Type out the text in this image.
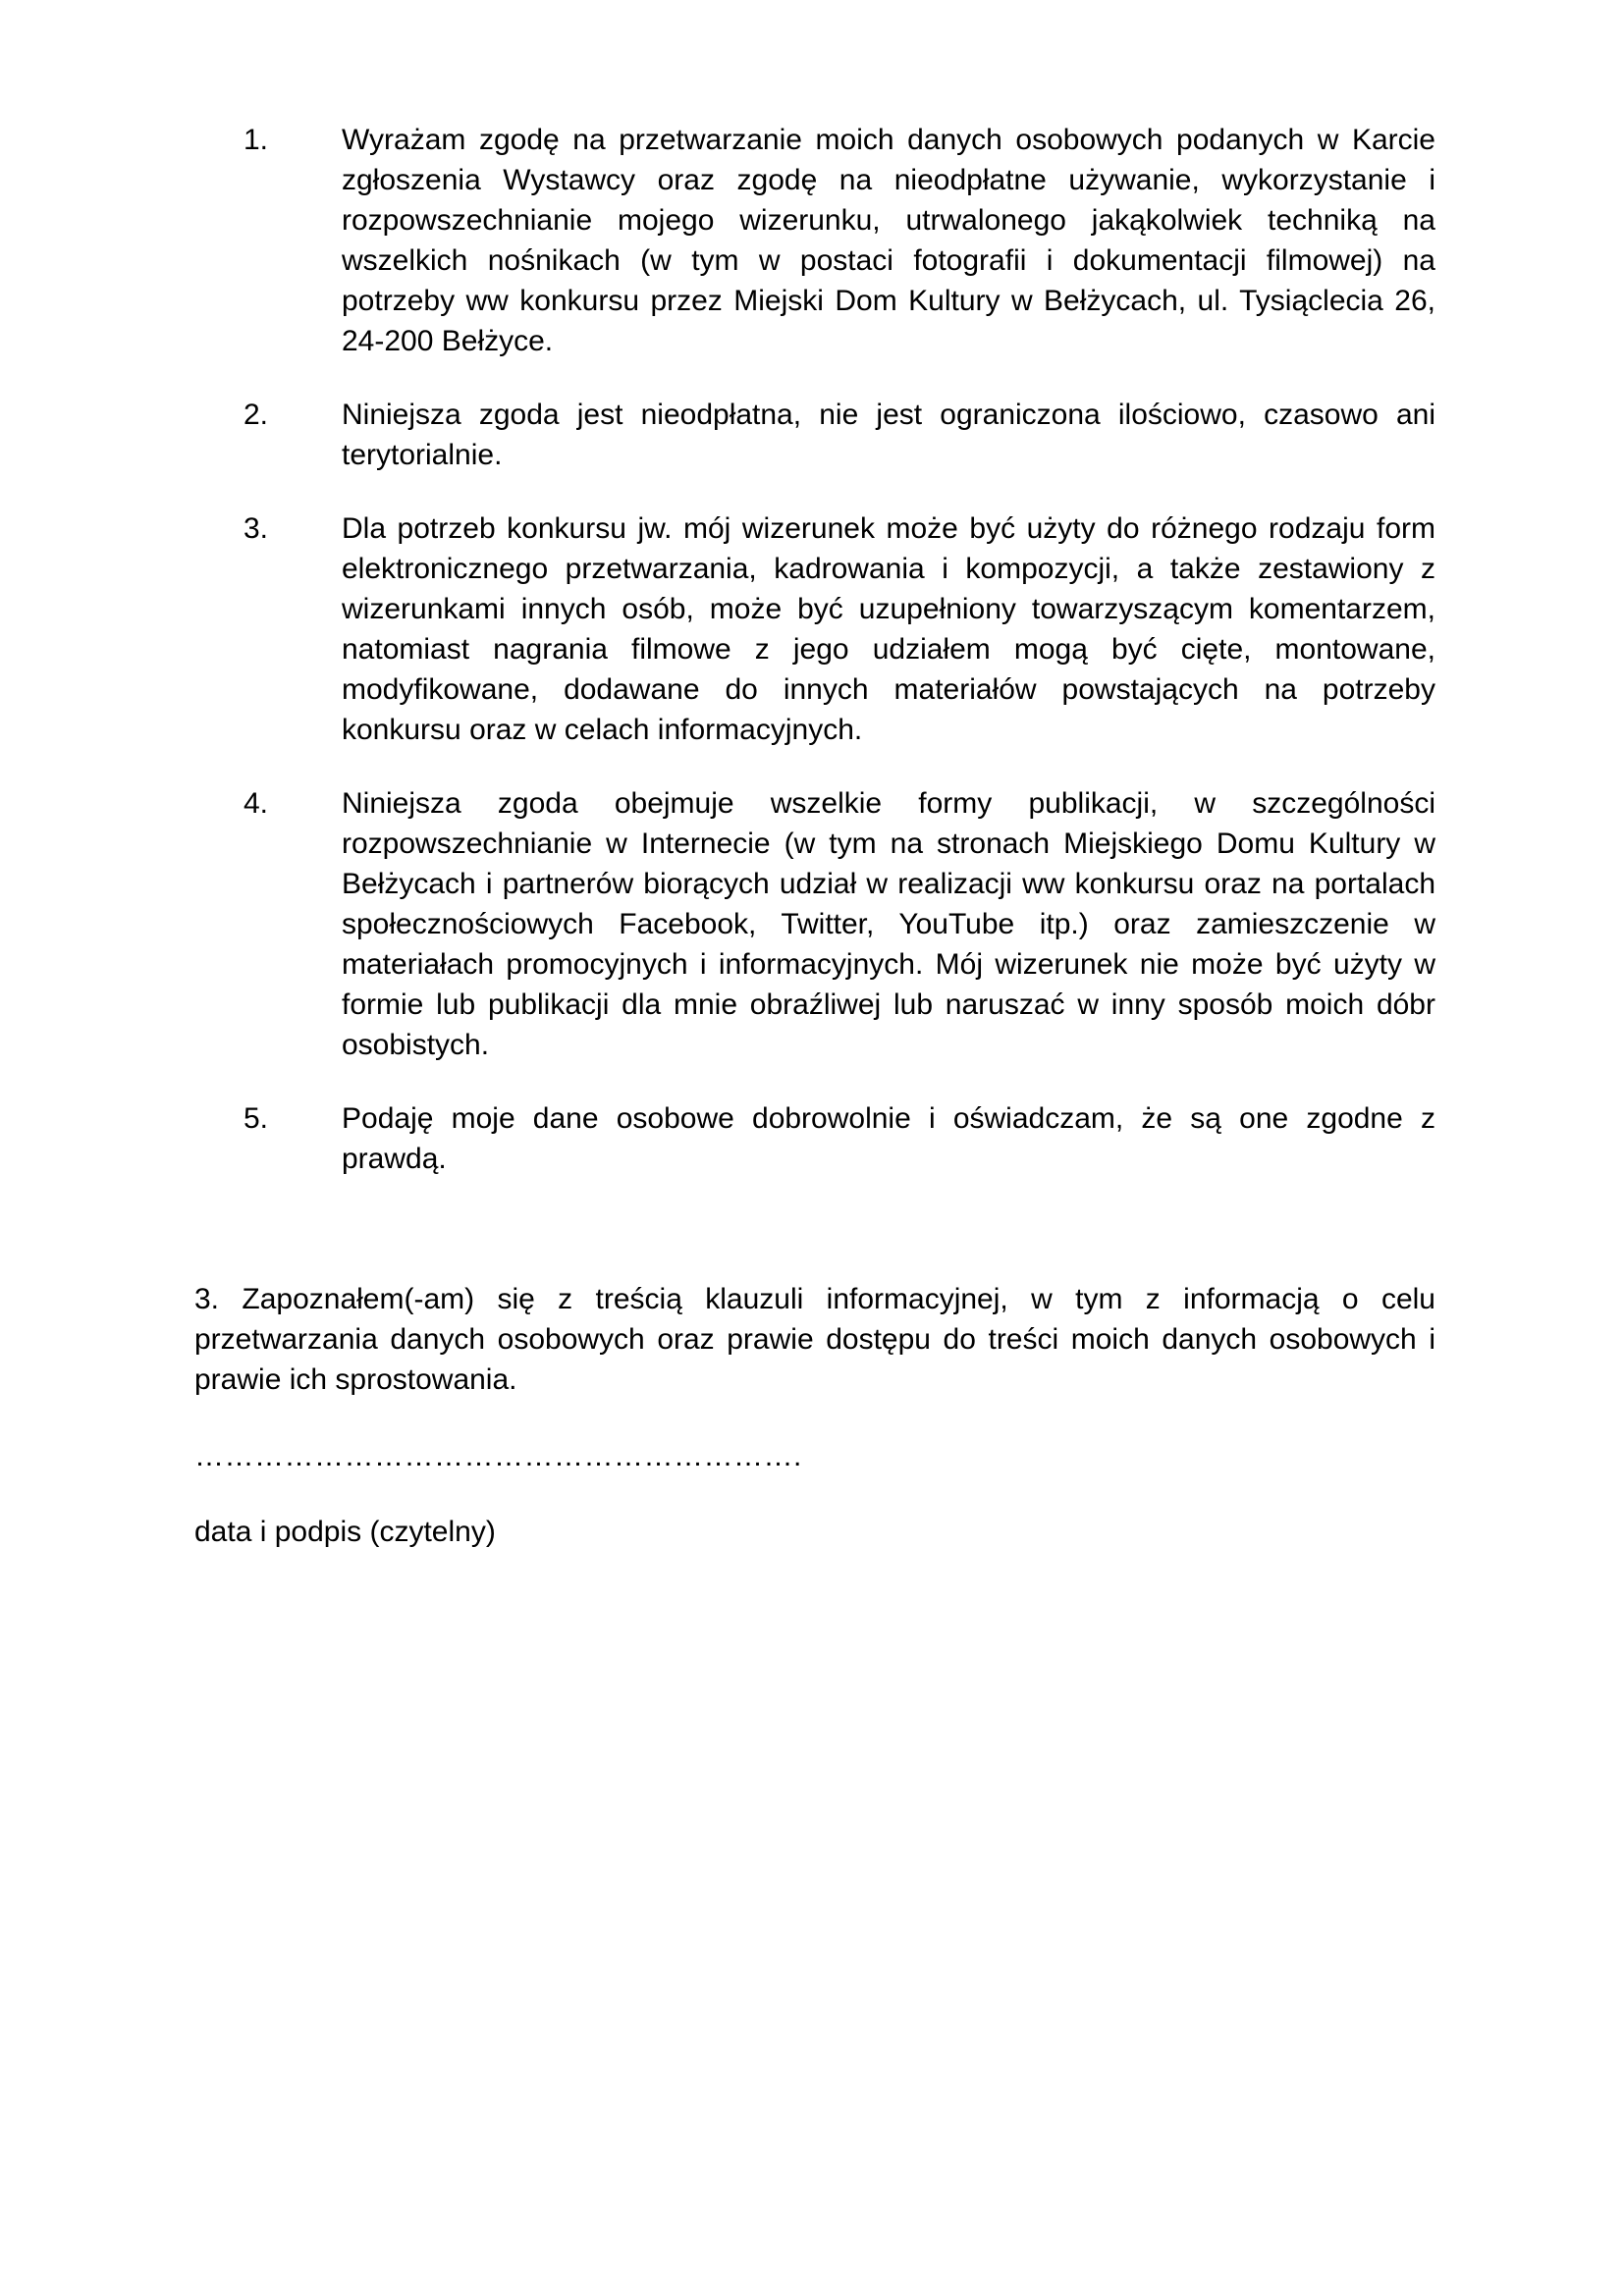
1. Wyrażam zgodę na przetwarzanie moich danych osobowych podanych w Karcie zgłoszenia Wystawcy oraz zgodę na nieodpłatne używanie, wykorzystanie i rozpowszechnianie mojego wizerunku, utrwalonego jakąkolwiek techniką na wszelkich nośnikach (w tym w postaci fotografii i dokumentacji filmowej) na potrzeby ww konkursu przez Miejski Dom Kultury w Bełżycach, ul. Tysiąclecia 26, 24-200 Bełżyce.
2. Niniejsza zgoda jest nieodpłatna, nie jest ograniczona ilościowo, czasowo ani terytorialnie.
3. Dla potrzeb konkursu jw. mój wizerunek może być użyty do różnego rodzaju form elektronicznego przetwarzania, kadrowania i kompozycji, a także zestawiony z wizerunkami innych osób, może być uzupełniony towarzyszącym komentarzem, natomiast nagrania filmowe z jego udziałem mogą być cięte, montowane, modyfikowane, dodawane do innych materiałów powstających na potrzeby konkursu oraz w celach informacyjnych.
4. Niniejsza zgoda obejmuje wszelkie formy publikacji, w szczególności rozpowszechnianie w Internecie (w tym na stronach Miejskiego Domu Kultury w Bełżycach i partnerów biorących udział w realizacji ww konkursu oraz na portalach społecznościowych Facebook, Twitter, YouTube itp.) oraz zamieszczenie w materiałach promocyjnych i informacyjnych. Mój wizerunek nie może być użyty w formie lub publikacji dla mnie obraźliwej lub naruszać w inny sposób moich dóbr osobistych.
5. Podaję moje dane osobowe dobrowolnie i oświadczam, że są one zgodne z prawdą.

3. Zapoznałem(-am) się z treścią klauzuli informacyjnej, w tym z informacją o celu przetwarzania danych osobowych oraz prawie dostępu do treści moich danych osobowych i prawie ich sprostowania.

…………………………………………………….

data i podpis (czytelny)
